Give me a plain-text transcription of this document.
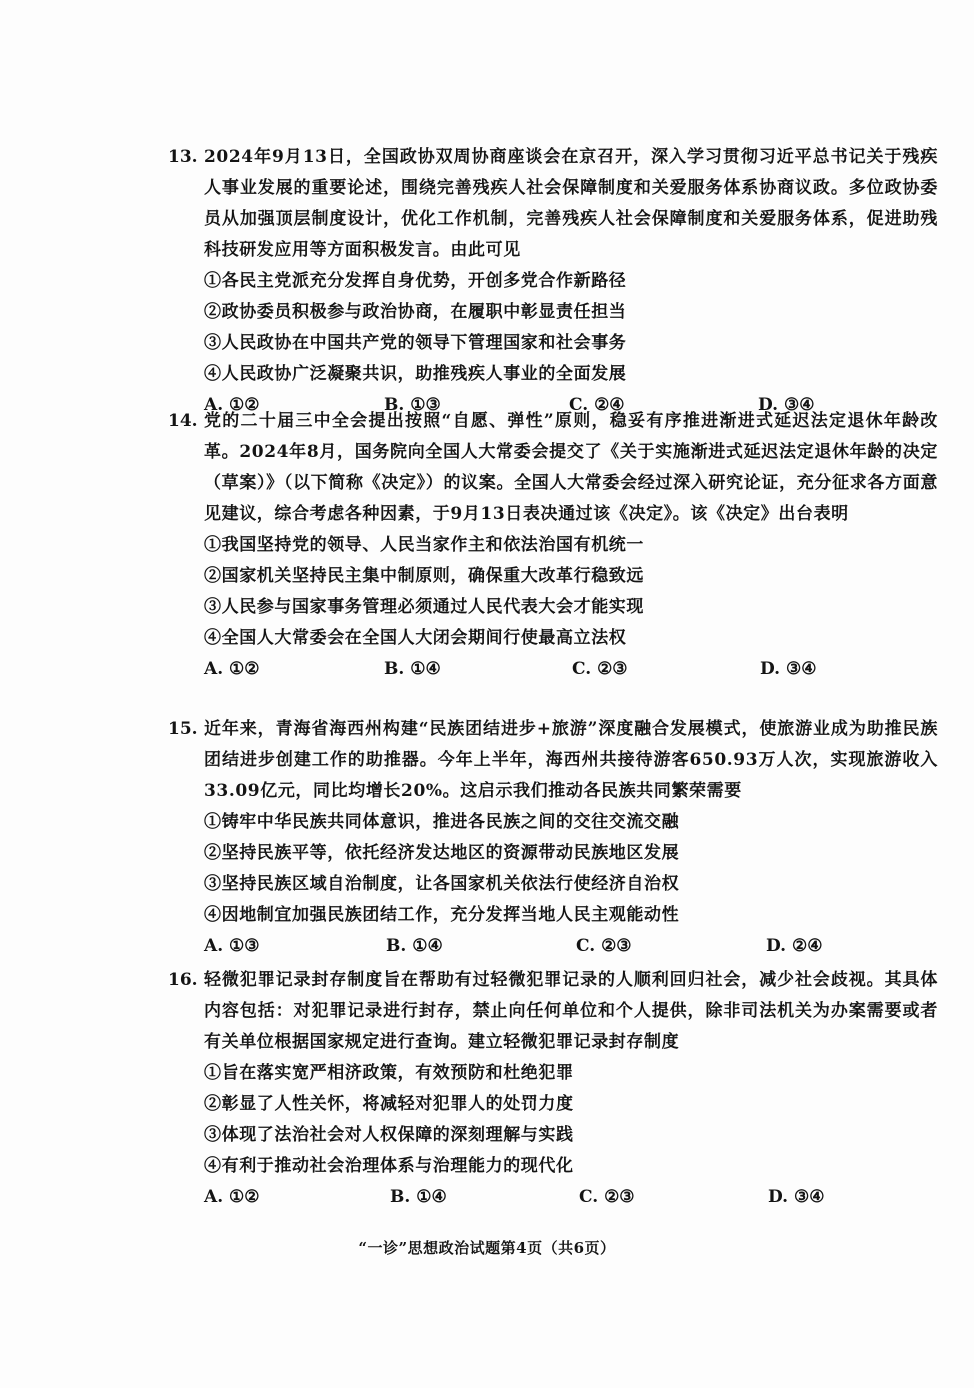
13. 2024年9月13日，全国政协双周协商座谈会在京召开，深入学习贯彻习近平总书记关于残疾人事业发展的重要论述，围绕完善残疾人社会保障制度和关爱服务体系协商议政。多位政协委员从加强顶层制度设计，优化工作机制，完善残疾人社会保障制度和关爱服务体系，促进助残科技研发应用等方面积极发言。由此可见
①各民主党派充分发挥自身优势，开创多党合作新路径
②政协委员积极参与政治协商，在履职中彰显责任担当
③人民政协在中国共产党的领导下管理国家和社会事务
④人民政协广泛凝聚共识，助推残疾人事业的全面发展
A. ①②	B. ①③	C. ②④	D. ③④
14. 党的二十届三中全会提出按照“自愿、弹性”原则，稳妥有序推进渐进式延迟法定退休年龄改革。2024年8月，国务院向全国人大常委会提交了《关于实施渐进式延迟法定退休年龄的决定（草案）》（以下简称《决定》）的议案。全国人大常委会经过深入研究论证，充分征求各方面意见建议，综合考虑各种因素，于9月13日表决通过该《决定》。该《决定》出台表明
①我国坚持党的领导、人民当家作主和依法治国有机统一
②国家机关坚持民主集中制原则，确保重大改革行稳致远
③人民参与国家事务管理必须通过人民代表大会才能实现
④全国人大常委会在全国人大闭会期间行使最高立法权
A. ①②	B. ①④	C. ②③	D. ③④
15. 近年来，青海省海西州构建“民族团结进步+旅游”深度融合发展模式，使旅游业成为助推民族团结进步创建工作的助推器。今年上半年，海西州共接待游客650.93万人次，实现旅游收入33.09亿元，同比均增长20%。这启示我们推动各民族共同繁荣需要
①铸牢中华民族共同体意识，推进各民族之间的交往交流交融
②坚持民族平等，依托经济发达地区的资源带动民族地区发展
③坚持民族区域自治制度，让各国家机关依法行使经济自治权
④因地制宜加强民族团结工作，充分发挥当地人民主观能动性
A. ①③	B. ①④	C. ②③	D. ②④
16. 轻微犯罪记录封存制度旨在帮助有过轻微犯罪记录的人顺利回归社会，减少社会歧视。其具体内容包括：对犯罪记录进行封存，禁止向任何单位和个人提供，除非司法机关为办案需要或者有关单位根据国家规定进行查询。建立轻微犯罪记录封存制度
①旨在落实宽严相济政策，有效预防和杜绝犯罪
②彰显了人性关怀，将减轻对犯罪人的处罚力度
③体现了法治社会对人权保障的深刻理解与实践
④有利于推动社会治理体系与治理能力的现代化
A. ①②	B. ①④	C. ②③	D. ③④
“一诊”思想政治试题第4页（共6页）
